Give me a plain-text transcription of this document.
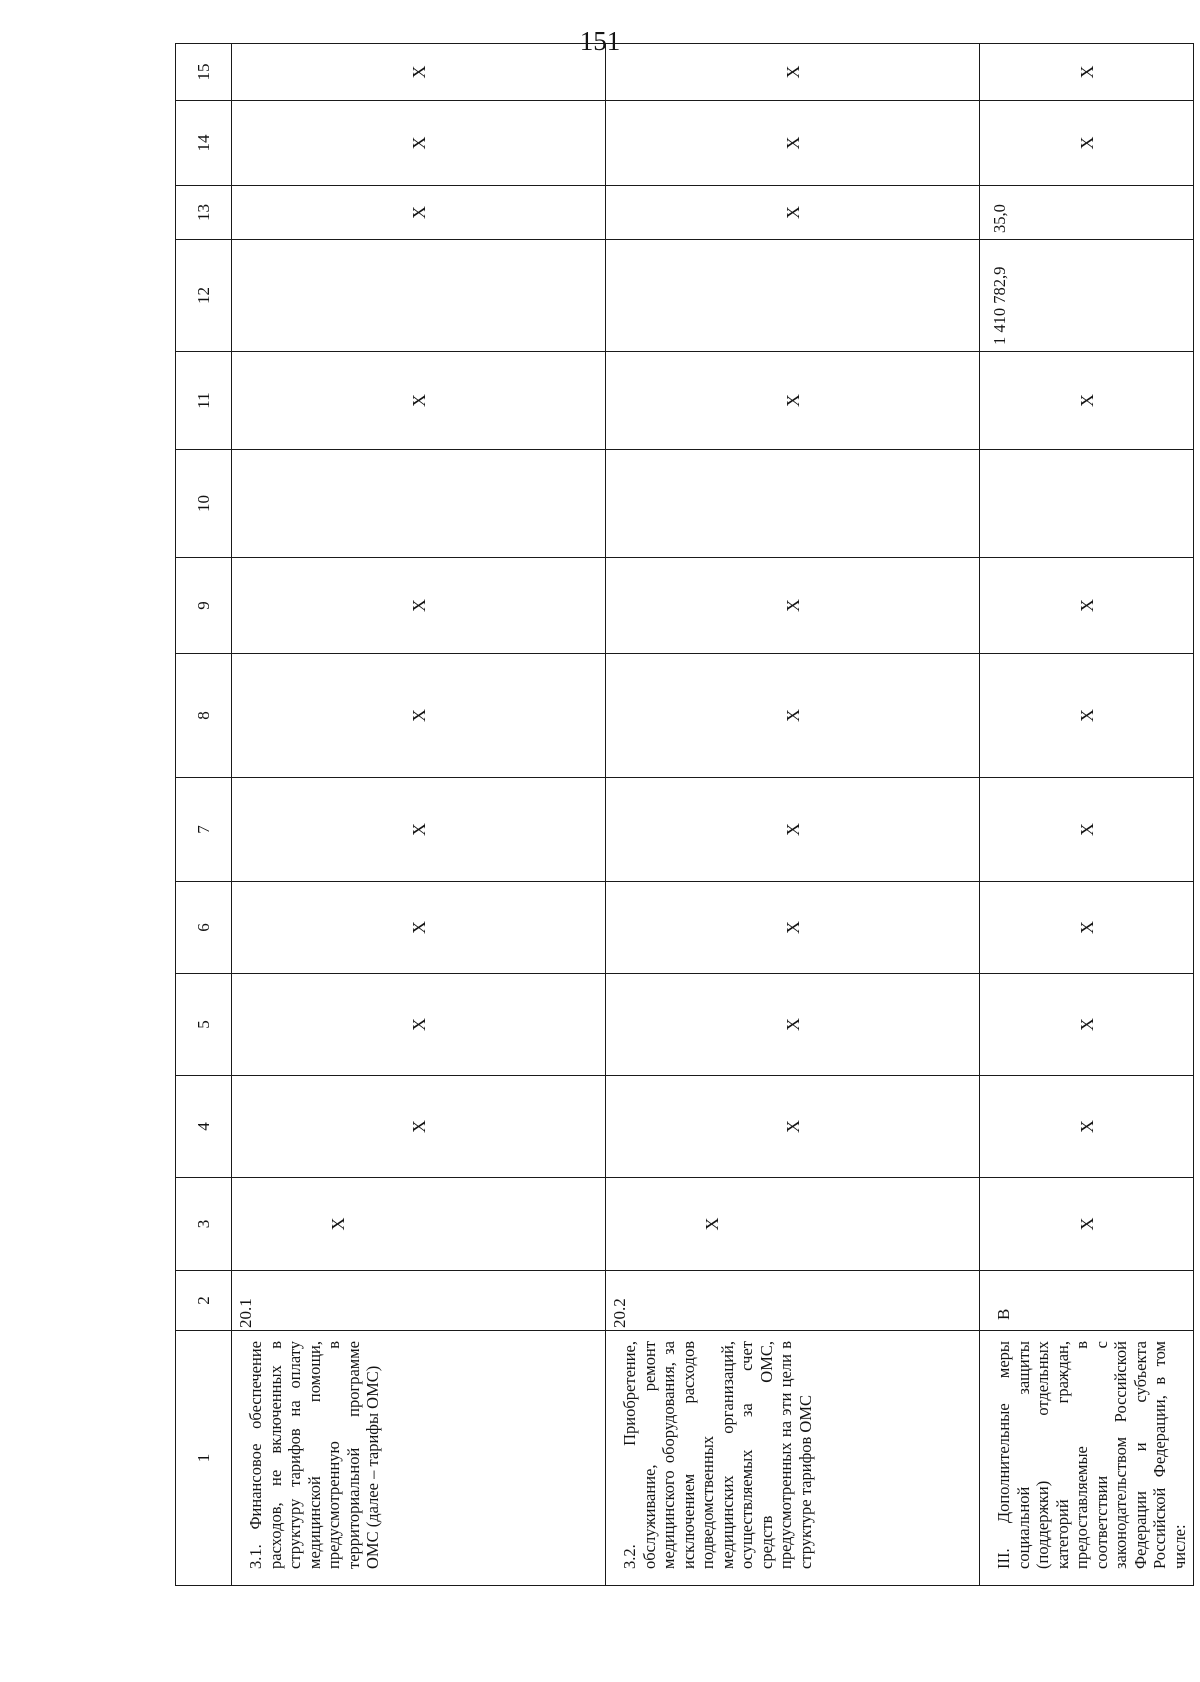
151
1	2	3	4	5	6	7	8	9	10	11	12	13	14	15

3.1. Финансовое обеспечение расходов, не включенных в структуру тарифов на оплату медицинской помощи, предусмотренную в территориальной программе ОМС (далее – тарифы ОМС)	20.1	X	X	X	X	X	X	X		X		X	X	X

3.2. Приобретение, обслуживание, ремонт медицинского оборудования, за исключением расходов подведомственных медицинских организаций, осуществляемых за счет средств ОМС, предусмотренных на эти цели в структуре тарифов ОМС	20.2	X	X	X	X	X	X	X		X		X	X	X

III. Дополнительные меры социальной защиты (поддержки) отдельных категорий граждан, предоставляемые в соответствии с законодательством Российской Федерации и субъекта Российской Федерации, в том числе:	В	X	X	X	X	X	X	X		X	1 410 782,9	35,0	X	X
